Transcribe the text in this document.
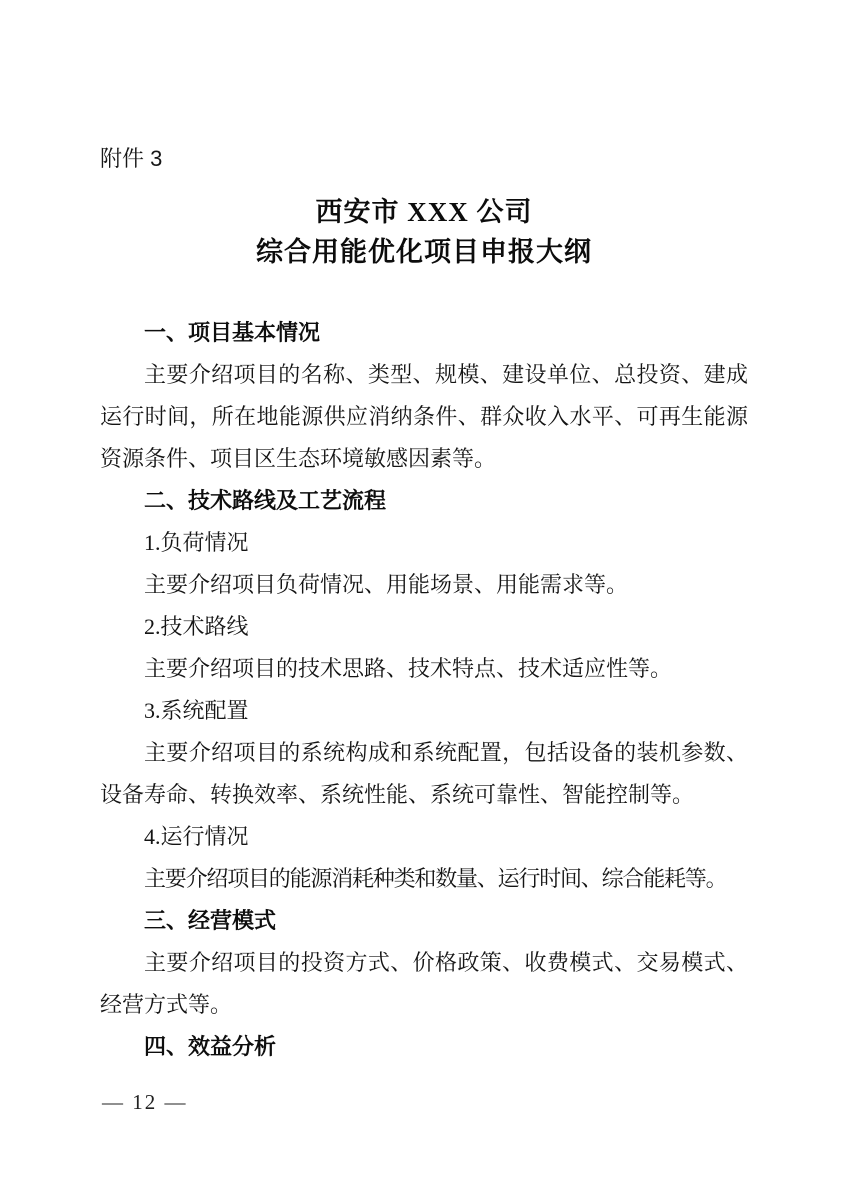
附件 3
西安市 XXX 公司
综合用能优化项目申报大纲

一、项目基本情况

主要介绍项目的名称、类型、规模、建设单位、总投资、建成运行时间，所在地能源供应消纳条件、群众收入水平、可再生能源资源条件、项目区生态环境敏感因素等。

二、技术路线及工艺流程

1.负荷情况

主要介绍项目负荷情况、用能场景、用能需求等。

2.技术路线

主要介绍项目的技术思路、技术特点、技术适应性等。

3.系统配置

主要介绍项目的系统构成和系统配置，包括设备的装机参数、设备寿命、转换效率、系统性能、系统可靠性、智能控制等。

4.运行情况

主要介绍项目的能源消耗种类和数量、运行时间、综合能耗等。

三、经营模式

主要介绍项目的投资方式、价格政策、收费模式、交易模式、经营方式等。

四、效益分析

— 12 —
